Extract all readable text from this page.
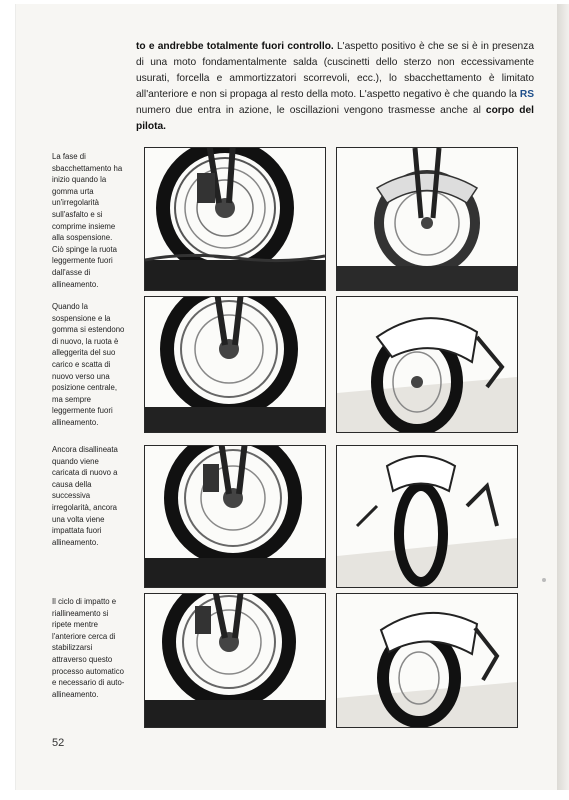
to e andrebbe totalmente fuori controllo. L'aspetto positivo è che se si è in presenza di una moto fondamentalmente salda (cuscinetti dello sterzo non eccessivamente usurati, forcella e ammortizzatori scorrevoli, ecc.), lo sbacchettamento è limitato all'anteriore e non si propaga al resto della moto. L'aspetto negativo è che quando la RS numero due entra in azione, le oscillazioni vengono trasmesse anche al corpo del pilota.
La fase di sbacchettamento ha inizio quando la gomma urta un'irregolarità sull'asfalto e si comprime insieme alla sospensione. Ciò spinge la ruota leggermente fuori dall'asse di allineamento.
Quando la sospensione e la gomma si estendono di nuovo, la ruota è alleggerita del suo carico e scatta di nuovo verso una posizione centrale, ma sempre leggermente fuori allineamento.
Ancora disallineata quando viene caricata di nuovo a causa della successiva irregolarità, ancora una volta viene impattata fuori allineamento.
Il ciclo di impatto e riallineamento si ripete mentre l'anteriore cerca di stabilizzarsi attraverso questo processo automatico e necessario di auto-allineamento.
52
